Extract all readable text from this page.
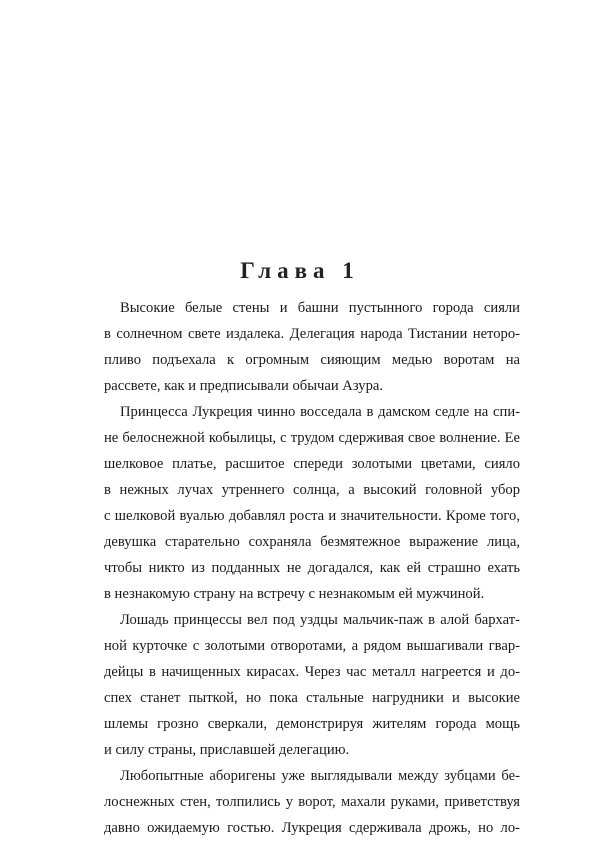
Глава 1
Высокие белые стены и башни пустынного города сияли
в солнечном свете издалека. Делегация народа Тистании неторо-
пливо подъехала к огромным сияющим медью воротам на
рассвете, как и предписывали обычаи Азура.
Принцесса Лукреция чинно восседала в дамском седле на спи-
не белоснежной кобылицы, с трудом сдерживая свое волнение. Ее
шелковое платье, расшитое спереди золотыми цветами, сияло
в нежных лучах утреннего солнца, а высокий головной убор
с шелковой вуалью добавлял роста и значительности. Кроме того,
девушка старательно сохраняла безмятежное выражение лица,
чтобы никто из подданных не догадался, как ей страшно ехать
в незнакомую страну на встречу с незнакомым ей мужчиной.
Лошадь принцессы вел под уздцы мальчик-паж в алой бархат-
ной курточке с золотыми отворотами, а рядом вышагивали гвар-
дейцы в начищенных кирасах. Через час металл нагреется и до-
спех станет пыткой, но пока стальные нагрудники и высокие
шлемы грозно сверкали, демонстрируя жителям города мощь
и силу страны, приславшей делегацию.
Любопытные аборигены уже выглядывали между зубцами бе-
лоснежных стен, толпились у ворот, махали руками, приветствуя
давно ожидаемую гостью. Лукреция сдерживала дрожь, но ло-
